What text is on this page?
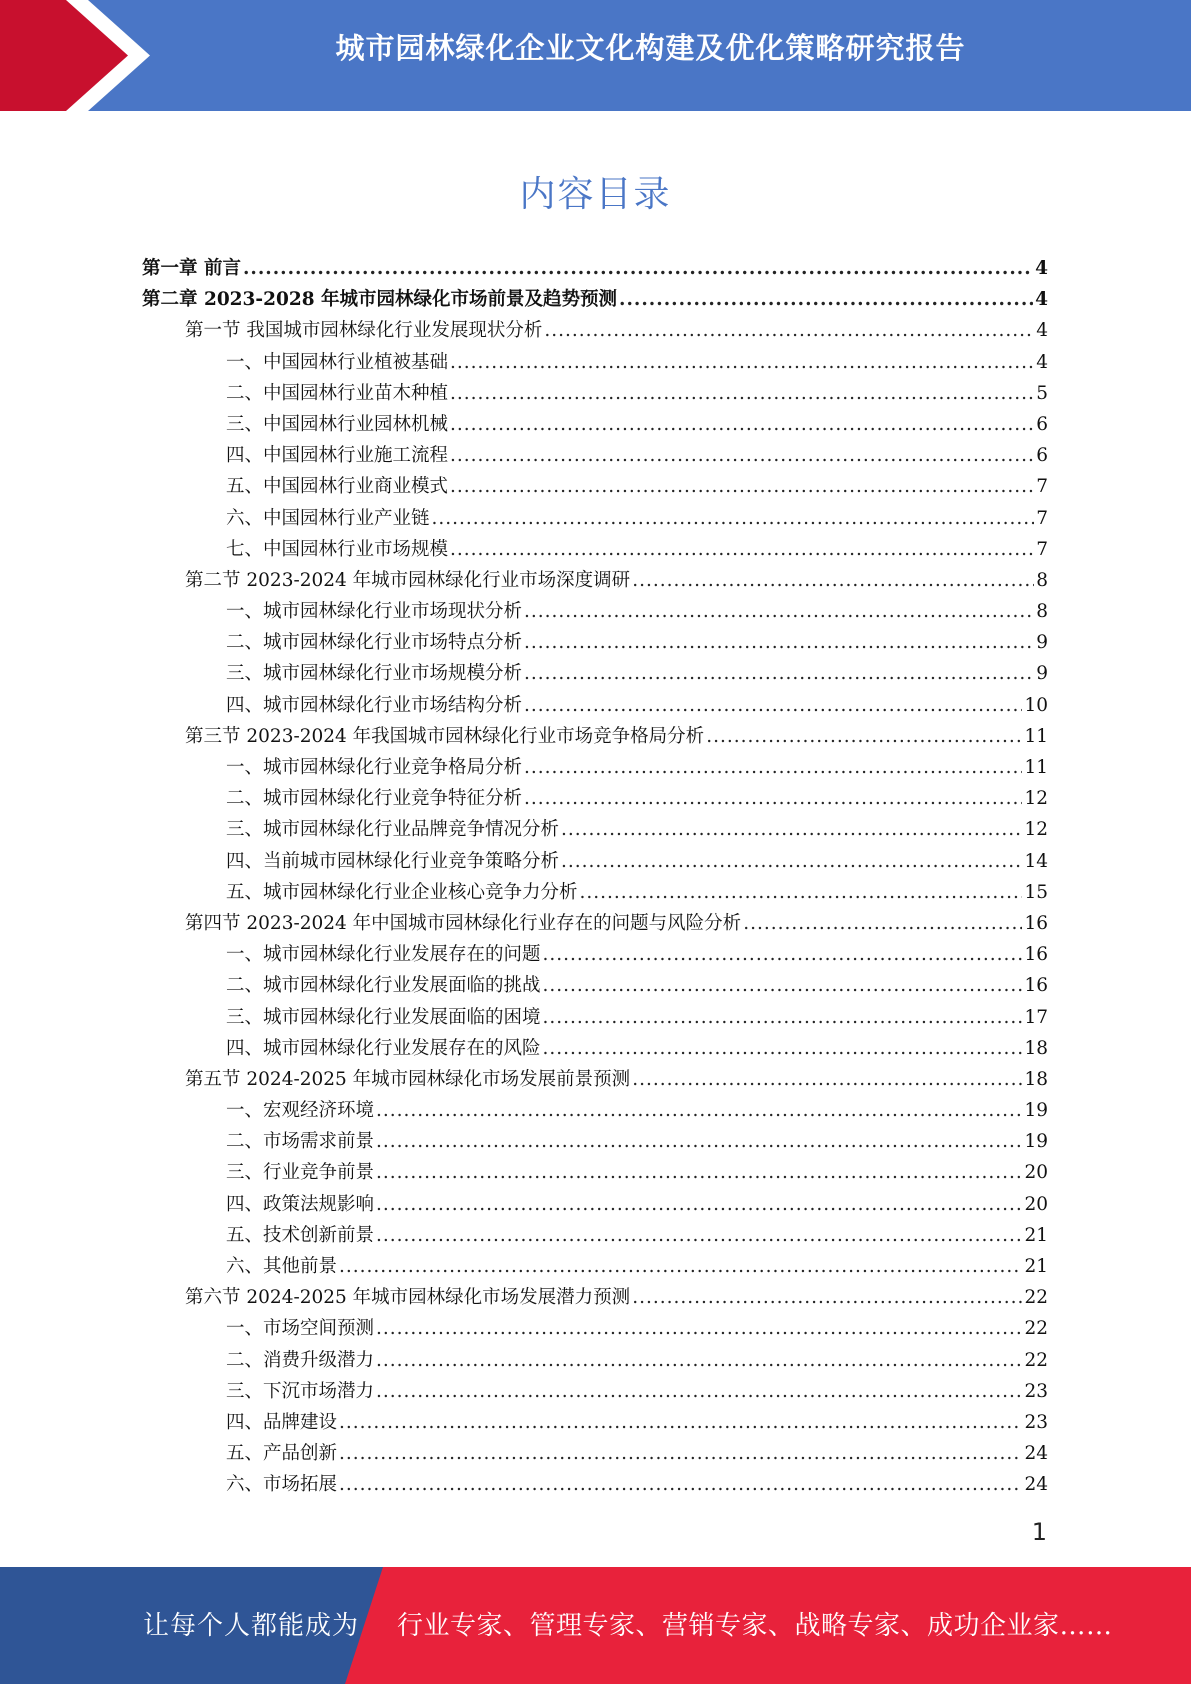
城市园林绿化企业文化构建及优化策略研究报告
内容目录
第一章 前言 .....	4
第二章 2023-2028 年城市园林绿化市场前景及趋势预测 .....	4
第一节 我国城市园林绿化行业发展现状分析 .....	4
一、中国园林行业植被基础 .....	4
二、中国园林行业苗木种植 .....	5
三、中国园林行业园林机械 .....	6
四、中国园林行业施工流程 .....	6
五、中国园林行业商业模式 .....	7
六、中国园林行业产业链 .....	7
七、中国园林行业市场规模 .....	7
第二节 2023-2024 年城市园林绿化行业市场深度调研 .....	8
一、城市园林绿化行业市场现状分析 .....	8
二、城市园林绿化行业市场特点分析 .....	9
三、城市园林绿化行业市场规模分析 .....	9
四、城市园林绿化行业市场结构分析 .....	10
第三节 2023-2024 年我国城市园林绿化行业市场竞争格局分析 .....	11
一、城市园林绿化行业竞争格局分析 .....	11
二、城市园林绿化行业竞争特征分析 .....	12
三、城市园林绿化行业品牌竞争情况分析 .....	12
四、当前城市园林绿化行业竞争策略分析 .....	14
五、城市园林绿化行业企业核心竞争力分析 .....	15
第四节 2023-2024 年中国城市园林绿化行业存在的问题与风险分析 .....	16
一、城市园林绿化行业发展存在的问题 .....	16
二、城市园林绿化行业发展面临的挑战 .....	16
三、城市园林绿化行业发展面临的困境 .....	17
四、城市园林绿化行业发展存在的风险 .....	18
第五节 2024-2025 年城市园林绿化市场发展前景预测 .....	18
一、宏观经济环境 .....	19
二、市场需求前景 .....	19
三、行业竞争前景 .....	20
四、政策法规影响 .....	20
五、技术创新前景 .....	21
六、其他前景 .....	21
第六节 2024-2025 年城市园林绿化市场发展潜力预测 .....	22
一、市场空间预测 .....	22
二、消费升级潜力 .....	22
三、下沉市场潜力 .....	23
四、品牌建设 .....	23
五、产品创新 .....	24
六、市场拓展 .....	24
1
让每个人都能成为 行业专家、管理专家、营销专家、战略专家、成功企业家……
